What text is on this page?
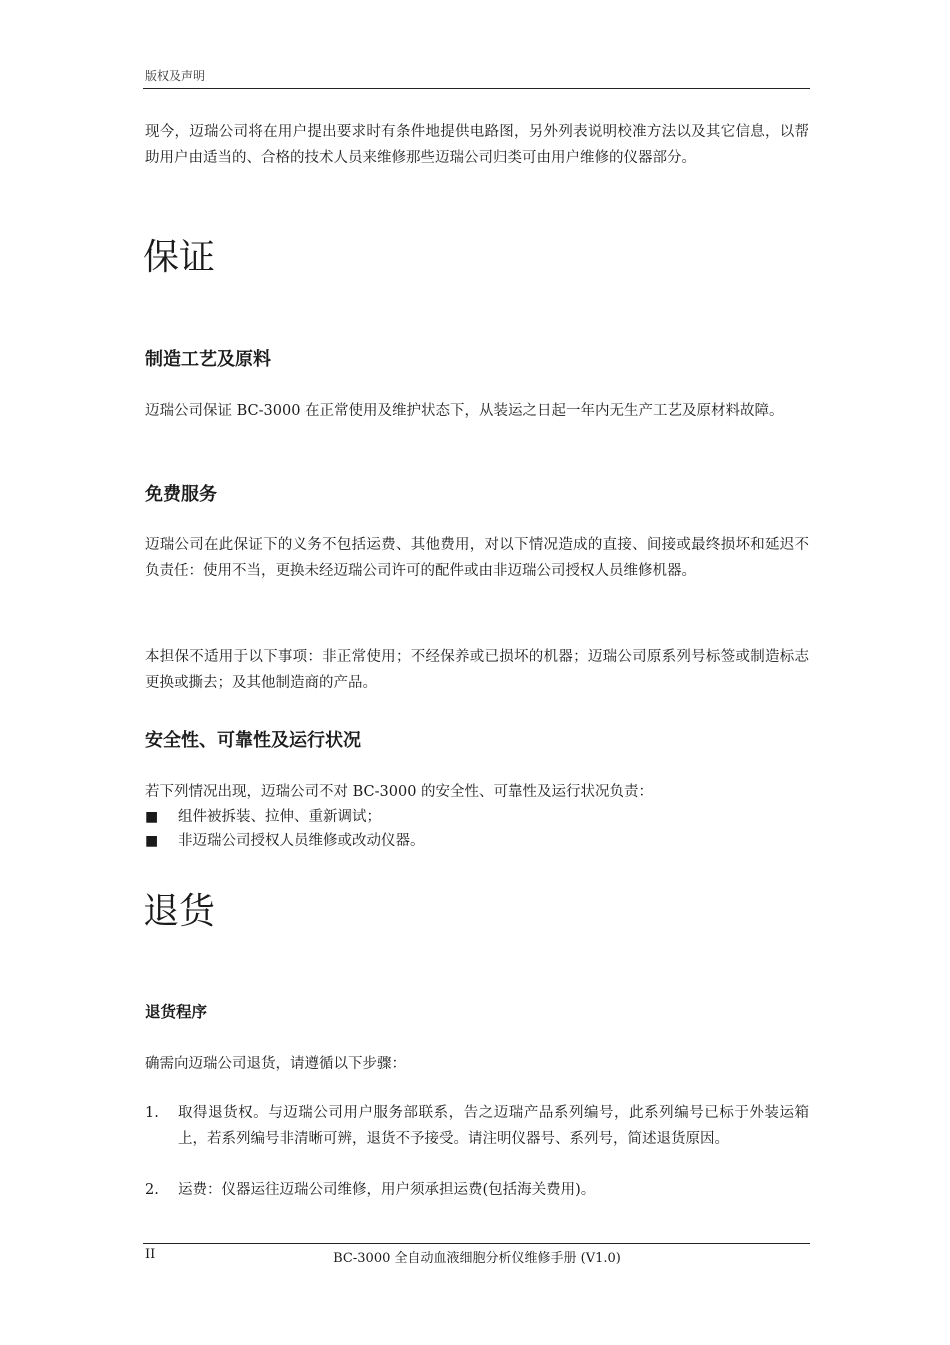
版权及声明

现今，迈瑞公司将在用户提出要求时有条件地提供电路图，另外列表说明校准方法以及其它信息，以帮助用户由适当的、合格的技术人员来维修那些迈瑞公司归类可由用户维修的仪器部分。

保证
制造工艺及原料

迈瑞公司保证 BC-3000 在正常使用及维护状态下，从装运之日起一年内无生产工艺及原材料故障。

免费服务

迈瑞公司在此保证下的义务不包括运费、其他费用，对以下情况造成的直接、间接或最终损坏和延迟不负责任：使用不当，更换未经迈瑞公司许可的配件或由非迈瑞公司授权人员维修机器。

本担保不适用于以下事项：非正常使用；不经保养或已损坏的机器；迈瑞公司原系列号标签或制造标志更换或撕去；及其他制造商的产品。

安全性、可靠性及运行状况

若下列情况出现，迈瑞公司不对 BC-3000 的安全性、可靠性及运行状况负责：

■ 组件被拆装、拉伸、重新调试；
■ 非迈瑞公司授权人员维修或改动仪器。
退货
退货程序

确需向迈瑞公司退货，请遵循以下步骤：

1. 取得退货权。与迈瑞公司用户服务部联系，告之迈瑞产品系列编号，此系列编号已标于外装运箱上，若系列编号非清晰可辨，退货不予接受。请注明仪器号、系列号，简述退货原因。
2. 运费：仪器运往迈瑞公司维修，用户须承担运费(包括海关费用)。
II	BC-3000 全自动血液细胞分析仪维修手册 (V1.0)
